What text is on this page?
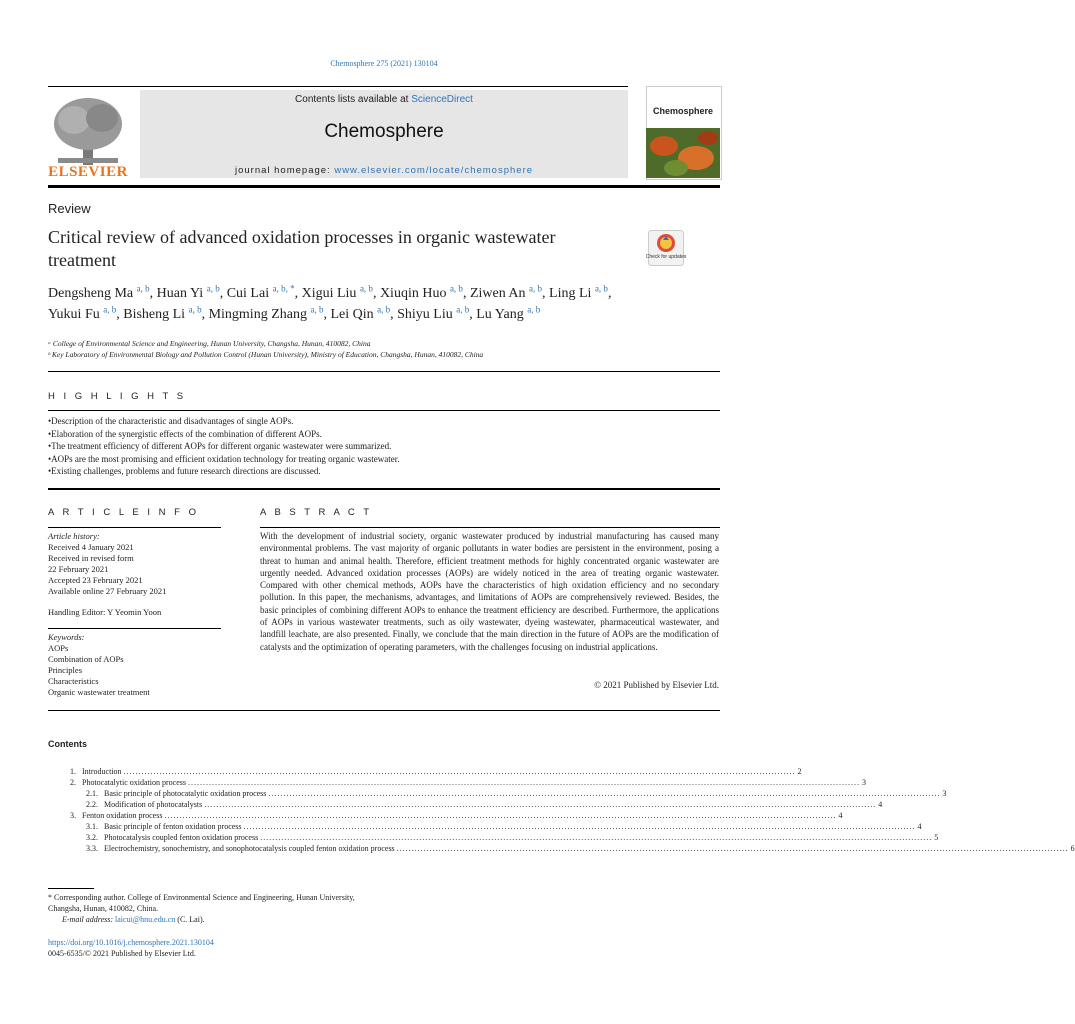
Chemosphere 275 (2021) 130104
ELSEVIER
Contents lists available at ScienceDirect
Chemosphere
journal homepage: www.elsevier.com/locate/chemosphere
Chemosphere
Review
Critical review of advanced oxidation processes in organic wastewater treatment	Check for updates
Dengsheng Ma $^{a, b}$, Huan Yi $^{a, b}$, Cui Lai $^{a, b, *}$, Xigui Liu $^{a, b}$, Xiuqin Huo $^{a, b}$, Ziwen An $^{a, b}$, Ling Li $^{a, b}$, Yukui Fu $^{a, b}$, Bisheng Li $^{a, b}$, Mingming Zhang $^{a, b}$, Lei Qin $^{a, b}$, Shiyu Liu $^{a, b}$, Lu Yang $^{a, b}$
ᵃ College of Environmental Science and Engineering, Hunan University, Changsha, Hunan, 410082, China
ᵇ Key Laboratory of Environmental Biology and Pollution Control (Hunan University), Ministry of Education, Changsha, Hunan, 410082, China
H I G H L I G H T S
• Description of the characteristic and disadvantages of single AOPs.
• Elaboration of the synergistic effects of the combination of different AOPs.
• The treatment efficiency of different AOPs for different organic wastewater were summarized.
• AOPs are the most promising and efficient oxidation technology for treating organic wastewater.
• Existing challenges, problems and future research directions are discussed.
A R T I C L E I N F O
Article history:
Received 4 January 2021
Received in revised form
22 February 2021
Accepted 23 February 2021
Available online 27 February 2021
Handling Editor: Y Yeomin Yoon
Keywords:
AOPs
Combination of AOPs
Principles
Characteristics
Organic wastewater treatment
A B S T R A C T
With the development of industrial society, organic wastewater produced by industrial manufacturing has caused many environmental problems. The vast majority of organic pollutants in water bodies are persistent in the environment, posing a threat to human and animal health. Therefore, efficient treatment methods for highly concentrated organic wastewater are urgently needed. Advanced oxidation processes (AOPs) are widely noticed in the area of treating organic wastewater. Compared with other chemical methods, AOPs have the characteristics of high oxidation efficiency and no secondary pollution. In this paper, the mechanisms, advantages, and limitations of AOPs are comprehensively reviewed. Besides, the basic principles of combining different AOPs to enhance the treatment efficiency are described. Furthermore, the applications of AOPs in various wastewater treatments, such as oily wastewater, dyeing wastewater, pharmaceutical wastewater, and landfill leachate, are also presented. Finally, we conclude that the main direction in the future of AOPs are the modification of catalysts and the optimization of operating parameters, with the challenges focusing on industrial applications.
© 2021 Published by Elsevier Ltd.
Contents
1. Introduction .....	2
2. Photocatalytic oxidation process .....	3
2.1. Basic principle of photocatalytic oxidation process .....	3
2.2. Modification of photocatalysts .....	4
3. Fenton oxidation process .....	4
3.1. Basic principle of fenton oxidation process .....	4
3.2. Photocatalysis coupled fenton oxidation process .....	5
3.3. Electrochemistry, sonochemistry, and sonophotocatalysis coupled fenton oxidation process .....	6
* Corresponding author. College of Environmental Science and Engineering, Hunan University, Changsha, Hunan, 410082, China.
E-mail address: laicui@hnu.edu.cn (C. Lai).
https://doi.org/10.1016/j.chemosphere.2021.130104
0045-6535/© 2021 Published by Elsevier Ltd.
